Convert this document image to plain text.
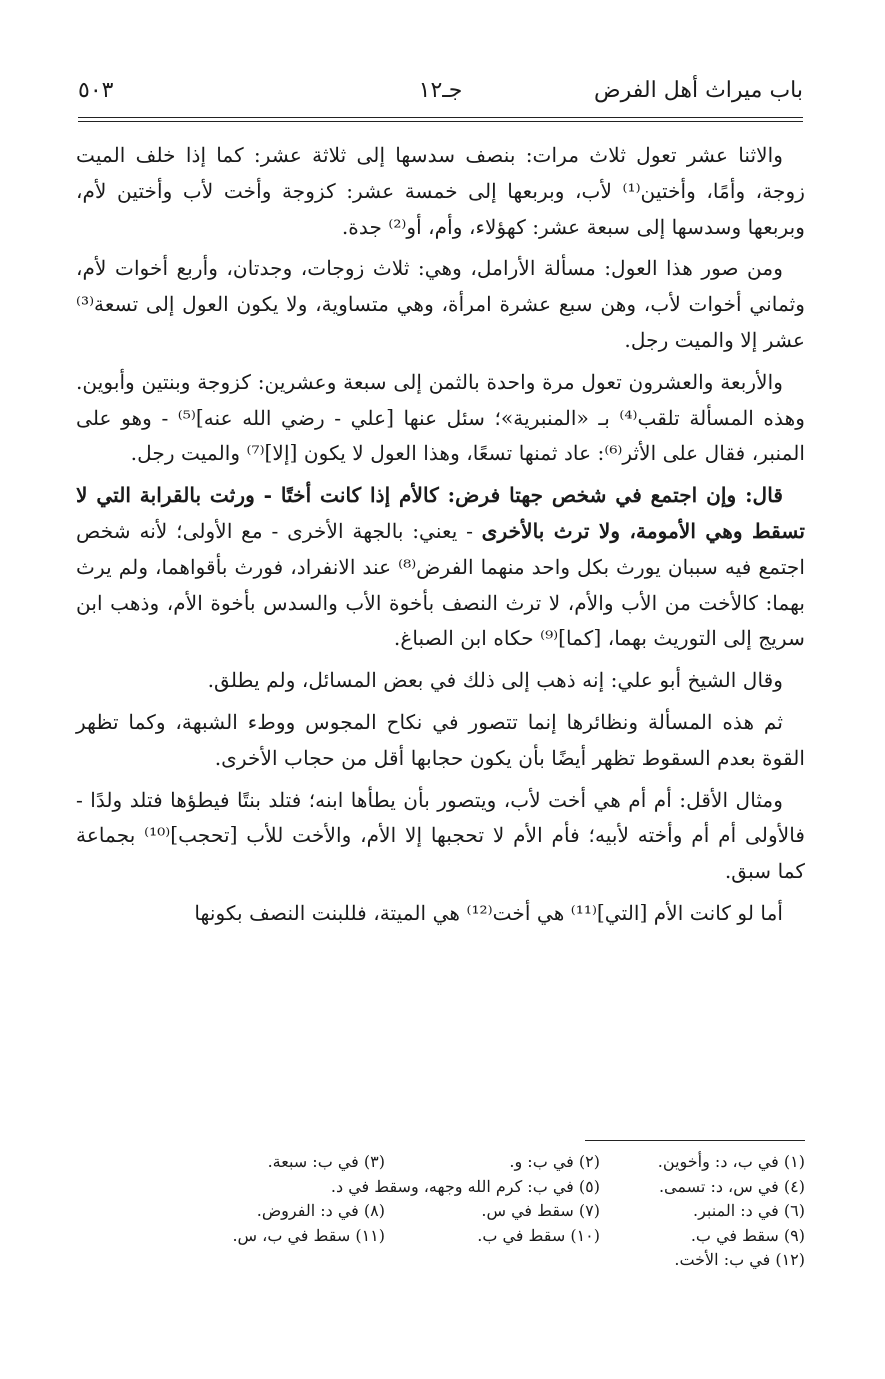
باب ميراث أهل الفرض
جـ١٢
٥٠٣

والاثنا عشر تعول ثلاث مرات: بنصف سدسها إلى ثلاثة عشر: كما إذا خلف الميت زوجة، وأمًا، وأختين⁽¹⁾ لأب، وبربعها إلى خمسة عشر: كزوجة وأخت لأب وأختين لأم، وبربعها وسدسها إلى سبعة عشر: كهؤلاء، وأم، أو⁽²⁾ جدة.

ومن صور هذا العول: مسألة الأرامل، وهي: ثلاث زوجات، وجدتان، وأربع أخوات لأم، وثماني أخوات لأب، وهن سبع عشرة امرأة، وهي متساوية، ولا يكون العول إلى تسعة⁽³⁾ عشر إلا والميت رجل.

والأربعة والعشرون تعول مرة واحدة بالثمن إلى سبعة وعشرين: كزوجة وبنتين وأبوين. وهذه المسألة تلقب⁽⁴⁾ بـ «المنبرية»؛ سئل عنها [علي - رضي الله عنه]⁽⁵⁾ - وهو على المنبر، فقال على الأثر⁽⁶⁾: عاد ثمنها تسعًا، وهذا العول لا يكون [إلا]⁽⁷⁾ والميت رجل.

قال: وإن اجتمع في شخص جهتا فرض: كالأم إذا كانت أختًا - ورثت بالقرابة التي لا تسقط وهي الأمومة، ولا ترث بالأخرى - يعني: بالجهة الأخرى - مع الأولى؛ لأنه شخص اجتمع فيه سببان يورث بكل واحد منهما الفرض⁽⁸⁾ عند الانفراد، فورث بأقواهما، ولم يرث بهما: كالأخت من الأب والأم، لا ترث النصف بأخوة الأب والسدس بأخوة الأم، وذهب ابن سريج إلى التوريث بهما، [كما]⁽⁹⁾ حكاه ابن الصباغ.

وقال الشيخ أبو علي: إنه ذهب إلى ذلك في بعض المسائل، ولم يطلق.

ثم هذه المسألة ونظائرها إنما تتصور في نكاح المجوس ووطء الشبهة، وكما تظهر القوة بعدم السقوط تظهر أيضًا بأن يكون حجابها أقل من حجاب الأخرى.

ومثال الأقل: أم أم هي أخت لأب، ويتصور بأن يطأها ابنه؛ فتلد بنتًا فيطؤها فتلد ولدًا - فالأولى أم أم وأخته لأبيه؛ فأم الأم لا تحجبها إلا الأم، والأخت للأب [تحجب]⁽¹⁰⁾ بجماعة كما سبق.

أما لو كانت الأم [التي]⁽¹¹⁾ هي أخت⁽¹²⁾ هي الميتة، فللبنت النصف بكونها

(١) في ب، د: وأخوين.
(٢) في ب: و.
(٣) في ب: سبعة.
(٤) في س، د: تسمى.
(٥) في ب: كرم الله وجهه، وسقط في د.
(٦) في د: المنبر.
(٧) سقط في س.
(٨) في د: الفروض.
(٩) سقط في ب.
(١٠) سقط في ب.
(١١) سقط في ب، س.
(١٢) في ب: الأخت.
